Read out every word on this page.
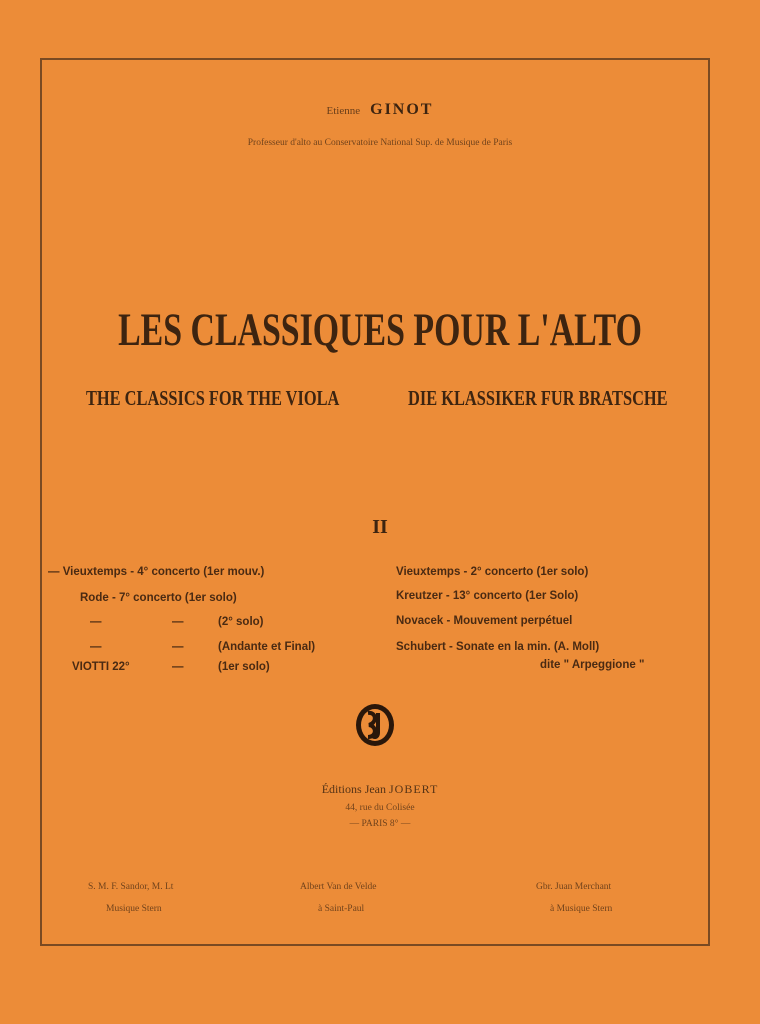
Etienne GINOT
Professeur d'alto au Conservatoire National Sup. de Musique de Paris
LES CLASSIQUES POUR L'ALTO
THE CLASSICS FOR THE VIOLA	DIE KLASSIKER FUR BRATSCHE
II
— Vieuxtemps - 4° concerto (1er mouv.)
Rode - 7° concerto (1er solo)
—	—	(2° solo)
—	—	(Andante et Final)
VIOTTI 22°	—	(1er solo)
Vieuxtemps - 2° concerto (1er solo)
Kreutzer - 13° concerto (1er Solo)
Novacek - Mouvement perpétuel
Schubert - Sonate en la min. (A. Moll)
dite " Arpeggione "
Éditions Jean JOBERT
44, rue du Colisée
— PARIS 8° —
S. M. F. Sandor, M. Lt
Musique Stern
Albert Van de Velde
à Saint-Paul
Gbr. Juan Merchant
à Musique Stern
